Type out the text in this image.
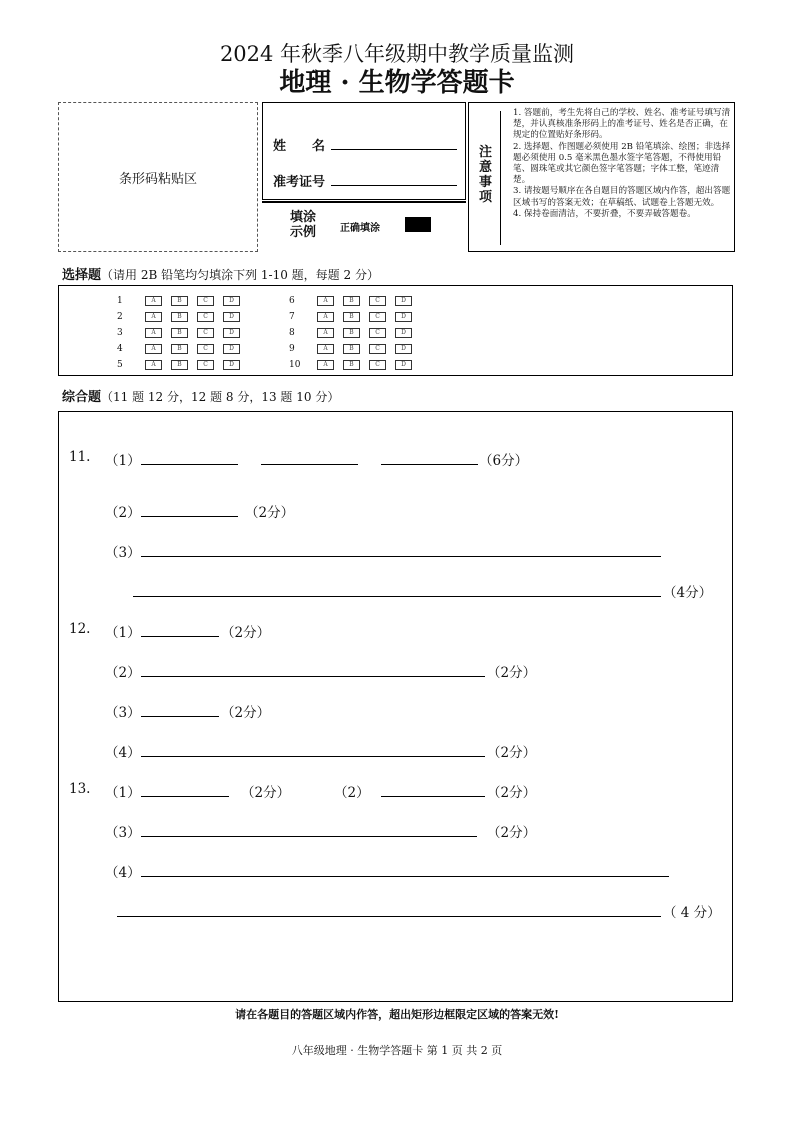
2024 年秋季八年级期中教学质量监测
地理 · 生物学答题卡
条形码粘贴区
姓　　名
准考证号
填涂
示例 正确填涂
注意事项

1. 答题前，考生先将自己的学校、姓名、准考证号填写清楚，并认真核准条形码上的准考证号、姓名是否正确，在规定的位置贴好条形码。

2. 选择题、作图题必须使用 2B 铅笔填涂、绘图；非选择题必须使用 0.5 毫米黑色墨水签字笔答题，不得使用铅笔、圆珠笔或其它颜色签字笔答题；字体工整，笔迹清楚。

3. 请按题号顺序在各自题目的答题区域内作答，超出答题区域书写的答案无效；在草稿纸、试题卷上答题无效。

4. 保持卷面清洁，不要折叠，不要弄破答题卷。

选择题（请用 2B 铅笔均匀填涂下列 1-10 题，每题 2 分）
1	A	B	C	D
2	A	B	C	D
3	A	B	C	D
4	A	B	C	D
5	A	B	C	D
6	A	B	C	D
7	A	B	C	D
8	A	B	C	D
9	A	B	C	D
10	A	B	C	D
综合题（11 题 12 分，12 题 8 分，13 题 10 分）
11. （1）	（6分）
（2）	（2分）
（3）
（4分）
12. （1）	（2分）
（2）	（2分）
（3）	（2分）
（4）	（2分）
13. （1）	（2分）	（2）	（2分）
（3）	（2分）
（4）
（ 4 分）
请在各题目的答题区域内作答，超出矩形边框限定区域的答案无效!
八年级地理 · 生物学答题卡 第 1 页 共 2 页
